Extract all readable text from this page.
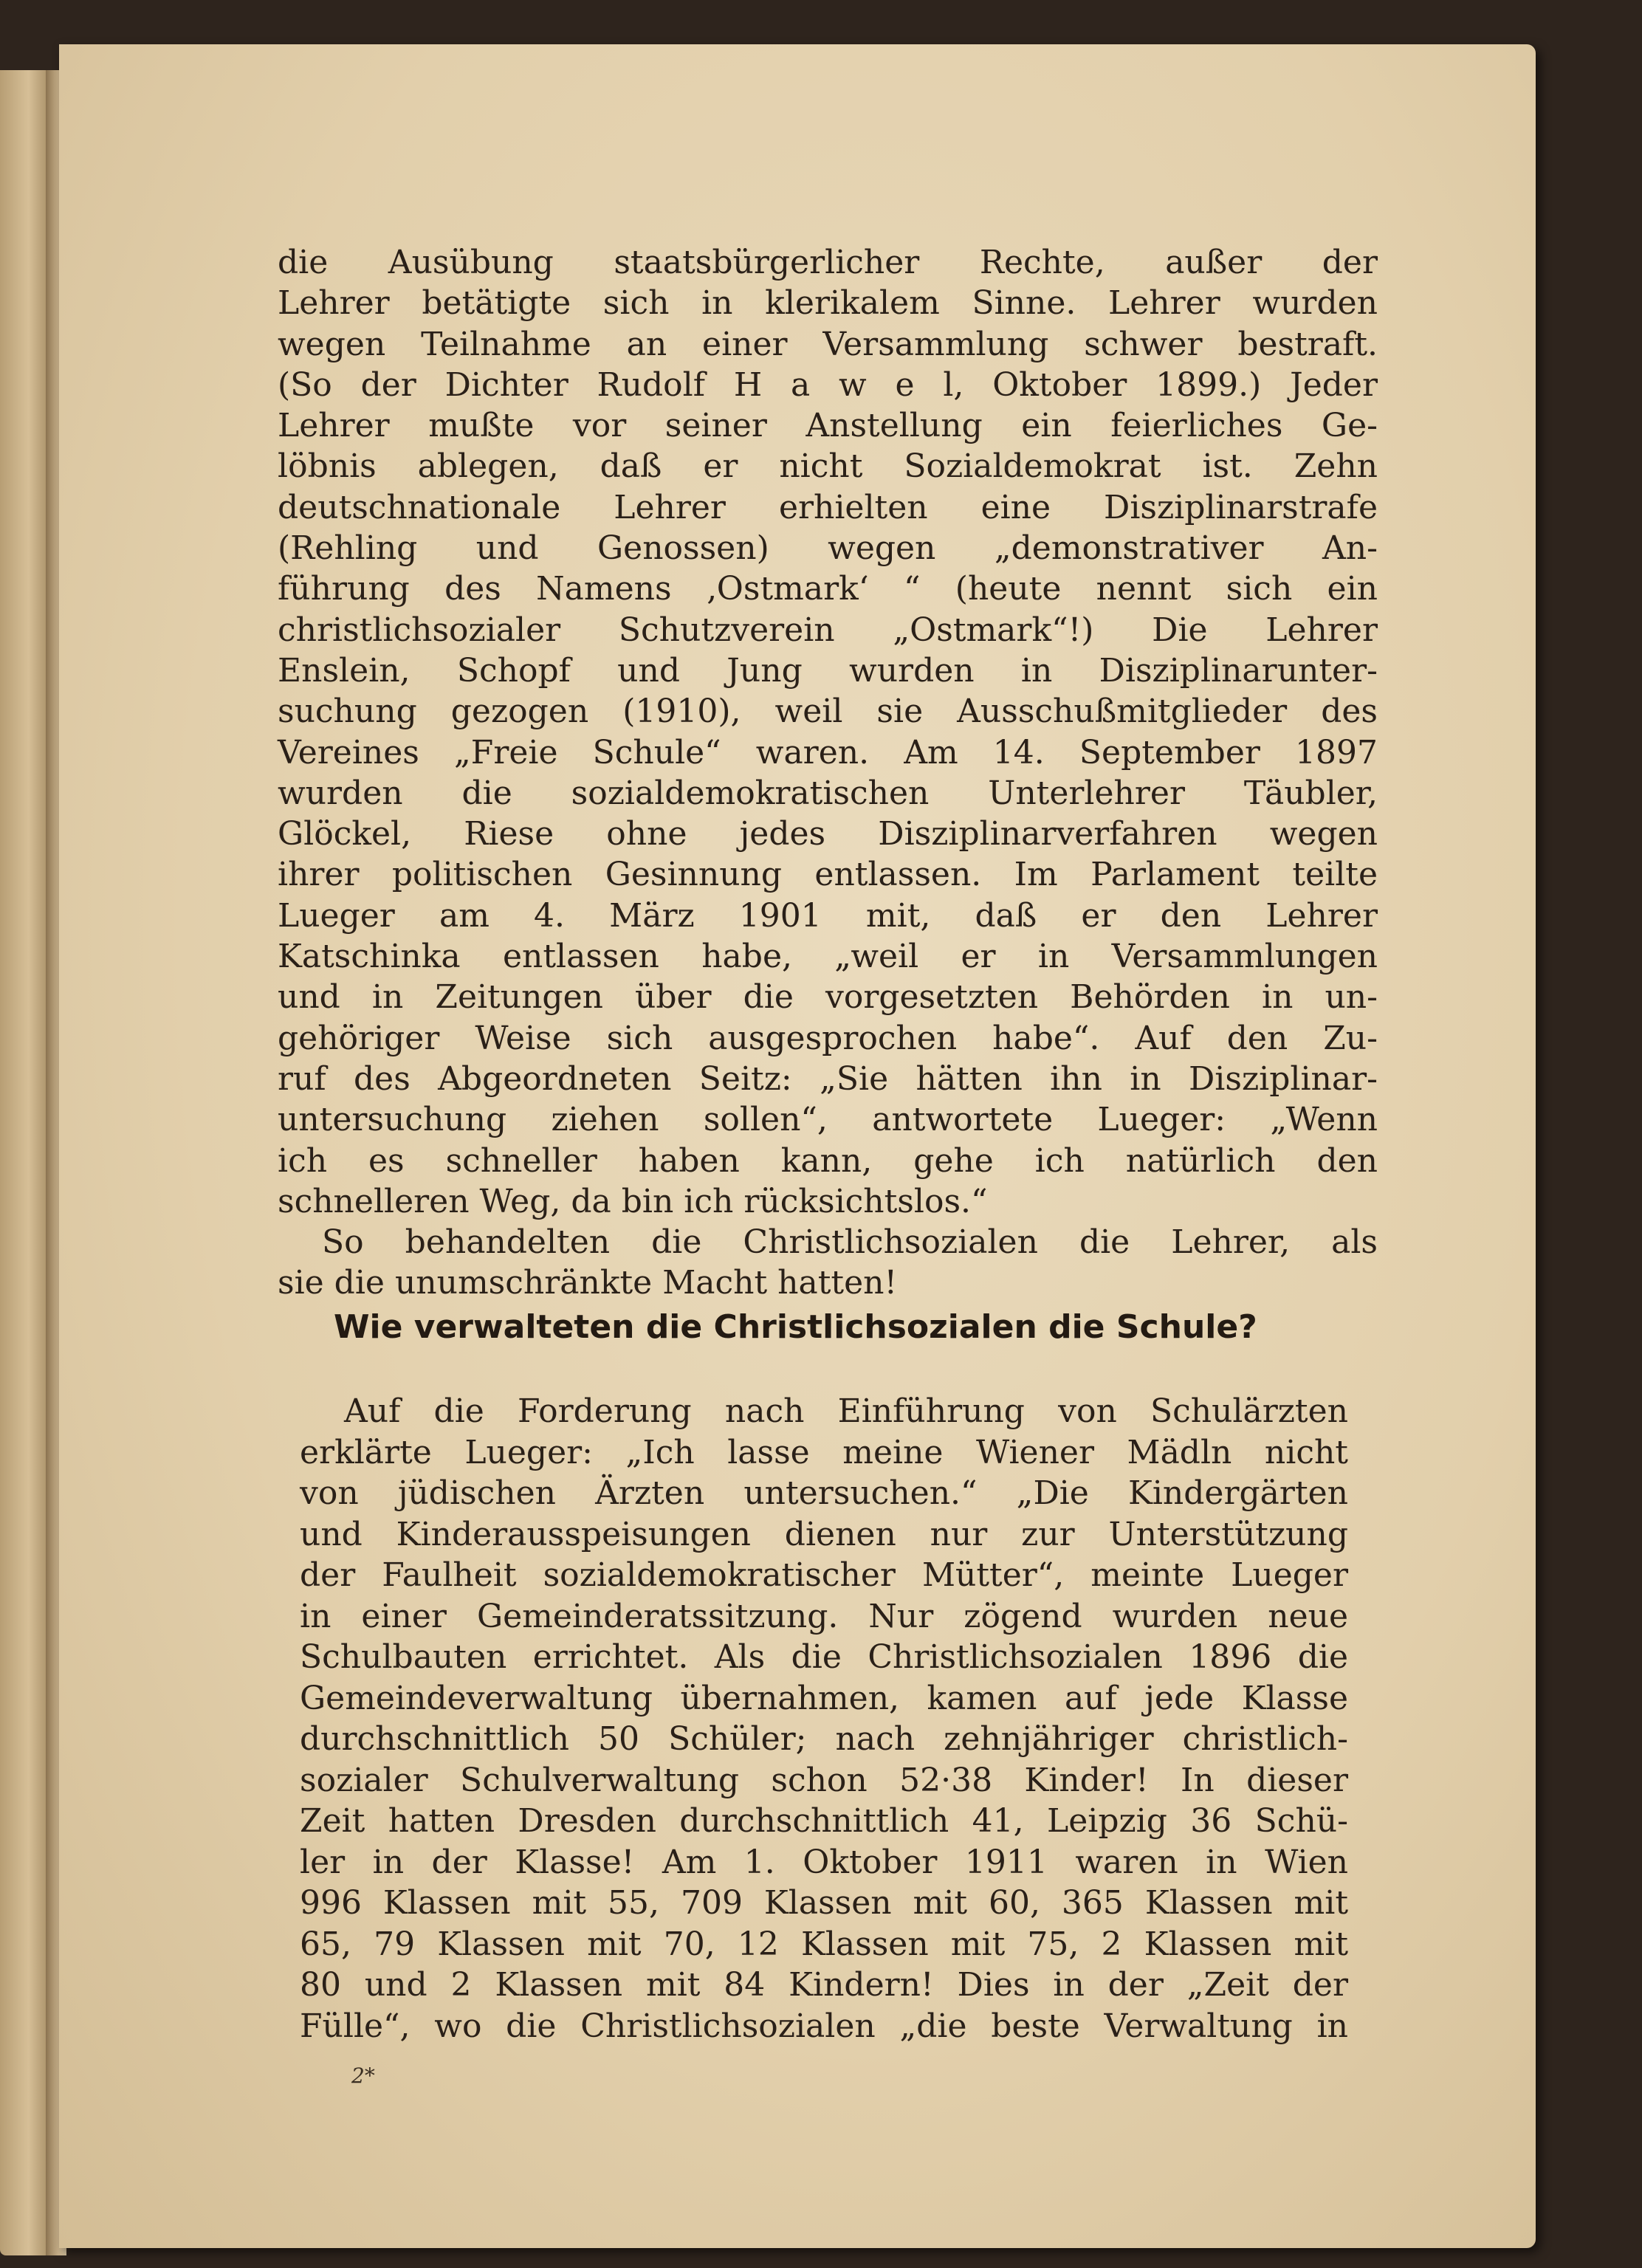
die Ausübung staatsbürgerlicher Rechte, außer der
Lehrer betätigte sich in klerikalem Sinne. Lehrer wurden
wegen Teilnahme an einer Versammlung schwer bestraft.
(So der Dichter Rudolf H a w e l, Oktober 1899.) Jeder
Lehrer mußte vor seiner Anstellung ein feierliches Ge-
löbnis ablegen, daß er nicht Sozialdemokrat ist. Zehn
deutschnationale Lehrer erhielten eine Disziplinarstrafe
(Rehling und Genossen) wegen „demonstrativer An-
führung des Namens ‚Ostmark‘ “ (heute nennt sich ein
christlichsozialer Schutzverein „Ostmark“!) Die Lehrer
Enslein, Schopf und Jung wurden in Disziplinarunter-
suchung gezogen (1910), weil sie Ausschußmitglieder des
Vereines „Freie Schule“ waren. Am 14. September 1897
wurden die sozialdemokratischen Unterlehrer Täubler,
Glöckel, Riese ohne jedes Disziplinarverfahren wegen
ihrer politischen Gesinnung entlassen. Im Parlament teilte
Lueger am 4. März 1901 mit, daß er den Lehrer
Katschinka entlassen habe, „weil er in Versammlungen
und in Zeitungen über die vorgesetzten Behörden in un-
gehöriger Weise sich ausgesprochen habe“. Auf den Zu-
ruf des Abgeordneten Seitz: „Sie hätten ihn in Disziplinar-
untersuchung ziehen sollen“, antwortete Lueger: „Wenn
ich es schneller haben kann, gehe ich natürlich den
schnelleren Weg, da bin ich rücksichtslos.“
So behandelten die Christlichsozialen die Lehrer, als
sie die unumschränkte Macht hatten!
Wie verwalteten die Christlichsozialen die Schule?
Auf die Forderung nach Einführung von Schulärzten
erklärte Lueger: „Ich lasse meine Wiener Mädln nicht
von jüdischen Ärzten untersuchen.“ „Die Kindergärten
und Kinderausspeisungen dienen nur zur Unterstützung
der Faulheit sozialdemokratischer Mütter“, meinte Lueger
in einer Gemeinderatssitzung. Nur zögend wurden neue
Schulbauten errichtet. Als die Christlichsozialen 1896 die
Gemeindeverwaltung übernahmen, kamen auf jede Klasse
durchschnittlich 50 Schüler; nach zehnjähriger christlich-
sozialer Schulverwaltung schon 52·38 Kinder! In dieser
Zeit hatten Dresden durchschnittlich 41, Leipzig 36 Schü-
ler in der Klasse! Am 1. Oktober 1911 waren in Wien
996 Klassen mit 55, 709 Klassen mit 60, 365 Klassen mit
65, 79 Klassen mit 70, 12 Klassen mit 75, 2 Klassen mit
80 und 2 Klassen mit 84 Kindern! Dies in der „Zeit der
Fülle“, wo die Christlichsozialen „die beste Verwaltung in
2*
